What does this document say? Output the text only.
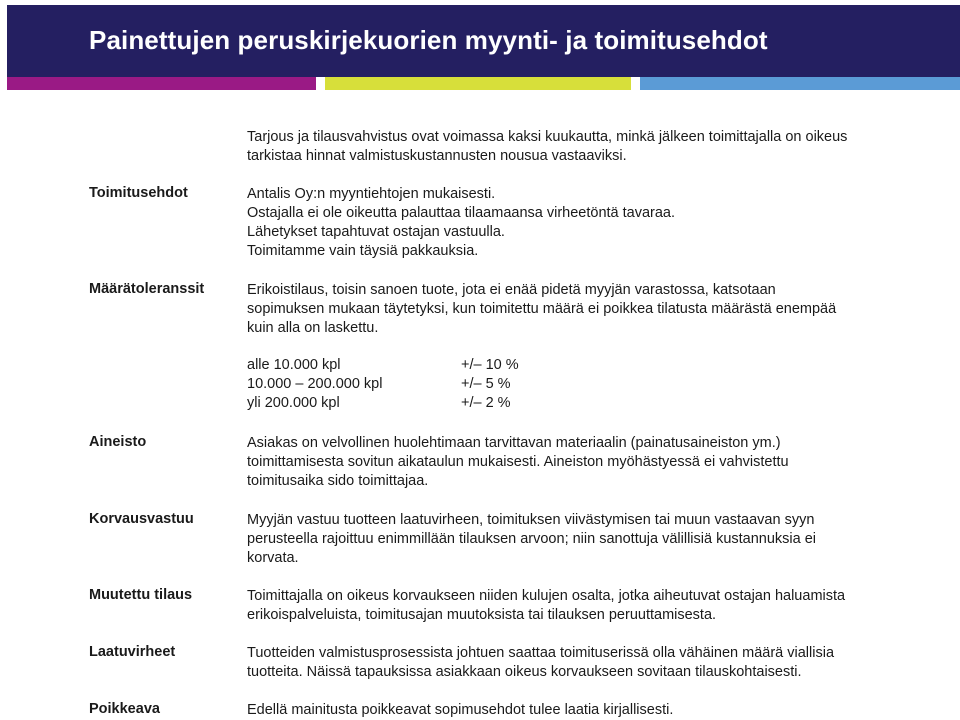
Painettujen peruskirjekuorien myynti- ja toimitusehdot
Tarjous ja tilausvahvistus ovat voimassa kaksi kuukautta, minkä jälkeen toimittajalla on oikeus
tarkistaa hinnat valmistuskustannusten nousua vastaaviksi.
Toimitusehdot	Antalis Oy:n myyntiehtojen mukaisesti.
Ostajalla ei ole oikeutta palauttaa tilaamaansa virheetöntä tavaraa.
Lähetykset tapahtuvat ostajan vastuulla.
Toimitamme vain täysiä pakkauksia.
Määrätoleranssit	Erikoistilaus, toisin sanoen tuote, jota ei enää pidetä myyjän varastossa, katsotaan
sopimuksen mukaan täytetyksi, kun toimitettu määrä ei poikkea tilatusta määrästä enempää
kuin alla on laskettu.
alle 10.000 kpl	+/– 10 %
10.000 – 200.000 kpl	+/– 5 %
yli 200.000 kpl	+/– 2 %
Aineisto	Asiakas on velvollinen huolehtimaan tarvittavan materiaalin (painatusaineiston ym.)
toimittamisesta sovitun aikataulun mukaisesti. Aineiston myöhästyessä ei vahvistettu
toimitusaika sido toimittajaa.
Korvausvastuu	Myyjän vastuu tuotteen laatuvirheen, toimituksen viivästymisen tai muun vastaavan syyn
perusteella rajoittuu enimmillään tilauksen arvoon; niin sanottuja välillisiä kustannuksia ei
korvata.
Muutettu tilaus	Toimittajalla on oikeus korvaukseen niiden kulujen osalta, jotka aiheutuvat ostajan haluamista
erikoispalveluista, toimitusajan muutoksista tai tilauksen peruuttamisesta.
Laatuvirheet	Tuotteiden valmistusprosessista johtuen saattaa toimituserissä olla vähäinen määrä viallisia
tuotteita. Näissä tapauksissa asiakkaan oikeus korvaukseen sovitaan tilauskohtaisesti.
Poikkeava	Edellä mainitusta poikkeavat sopimusehdot tulee laatia kirjallisesti.
